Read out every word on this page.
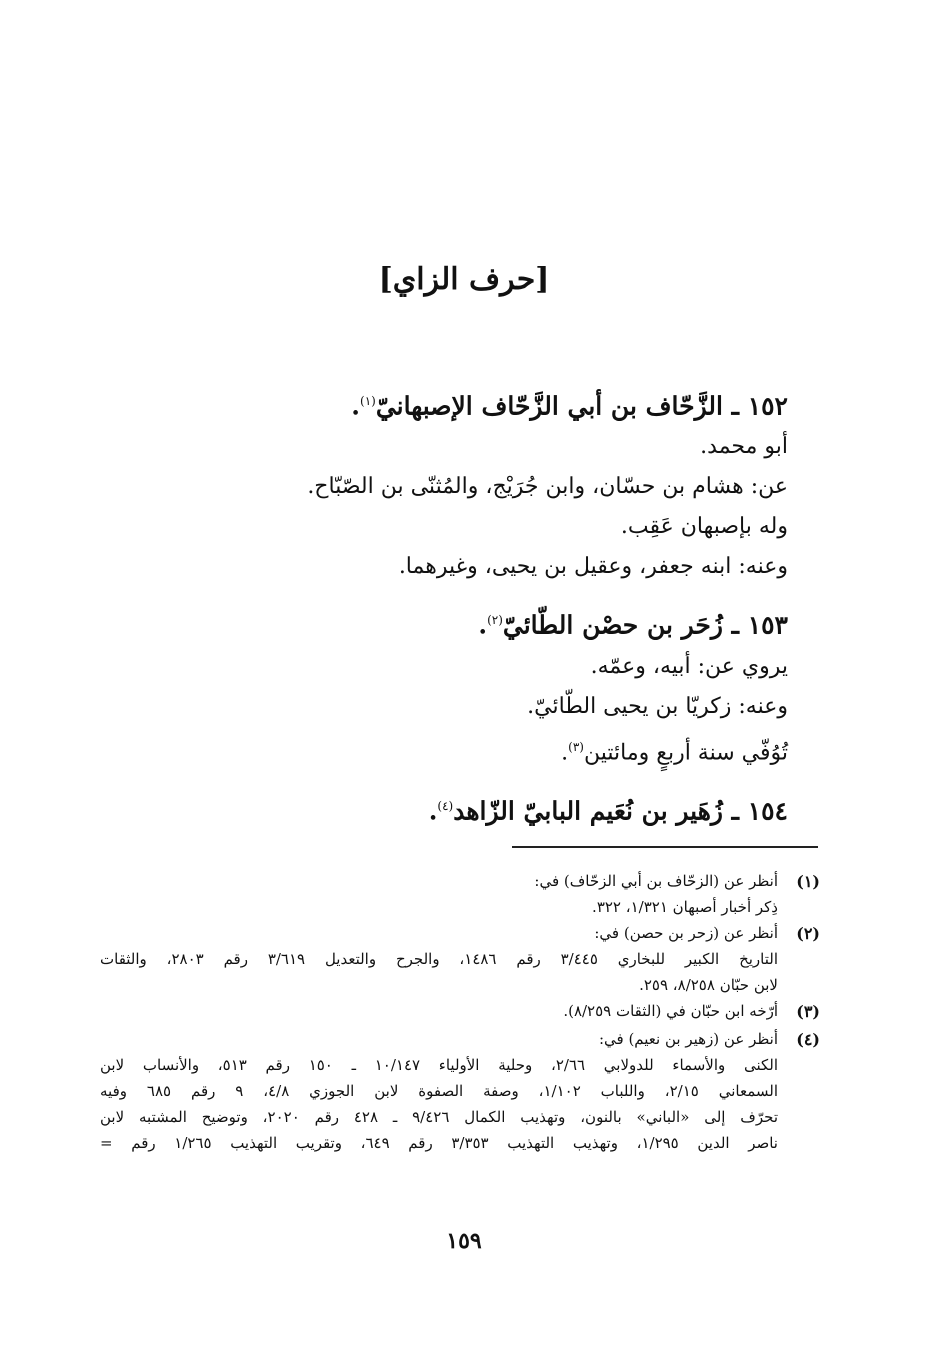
[حرف الزاي]

١٥٢ ـ الزَّحّاف بن أبي الزَّحّاف الإصبهانيّ$^{(١)}$.

أبو محمد.

عن: هشام بن حسّان، وابن جُرَيْج، والمُثنّى بن الصّبّاح.

وله بإصبهان عَقِب.

وعنه: ابنه جعفر، وعقيل بن يحيى، وغيرهما.

١٥٣ ـ زُحَر بن حصْن الطّائيّ$^{(٢)}$.

يروي عن: أبيه، وعمّه.

وعنه: زكريّا بن يحيى الطّائيّ.

تُوُفّي سنة أربعٍ ومائتين$^{(٣)}$.

١٥٤ ـ زُهَير بن نُعَيم البابيّ الزّاهد$^{(٤)}$.

(١)

أنظر عن (الزحّاف بن أبي الزحّاف) في:

ذِكر أخبار أصبهان ١/٣٢١، ٣٢٢.

(٢)

أنظر عن (زحر بن حصن) في:

التاريخ الكبير للبخاري ٣/٤٤٥ رقم ١٤٨٦، والجرح والتعديل ٣/٦١٩ رقم ٢٨٠٣، والثقات

لابن حبّان ٨/٢٥٨، ٢٥٩.

(٣)

أرّخه ابن حبّان في (الثقات ٨/٢٥٩).

(٤)

أنظر عن (زهير بن نعيم) في:

الكنى والأسماء للدولابي ٢/٦٦، وحلية الأولياء ١٠/١٤٧ ـ ١٥٠ رقم ٥١٣، والأنساب لابن

السمعاني ٢/١٥، واللباب ١/١٠٢، وصفة الصفوة لابن الجوزي ٤/٨، ٩ رقم ٦٨٥ وفيه

تحرّف إلى «الباني» بالنون، وتهذيب الكمال ٩/٤٢٦ ـ ٤٢٨ رقم ٢٠٢٠، وتوضيح المشتبه لابن

ناصر الدين ١/٢٩٥، وتهذيب التهذيب ٣/٣٥٣ رقم ٦٤٩، وتقريب التهذيب ١/٢٦٥ رقم =

١٥٩
